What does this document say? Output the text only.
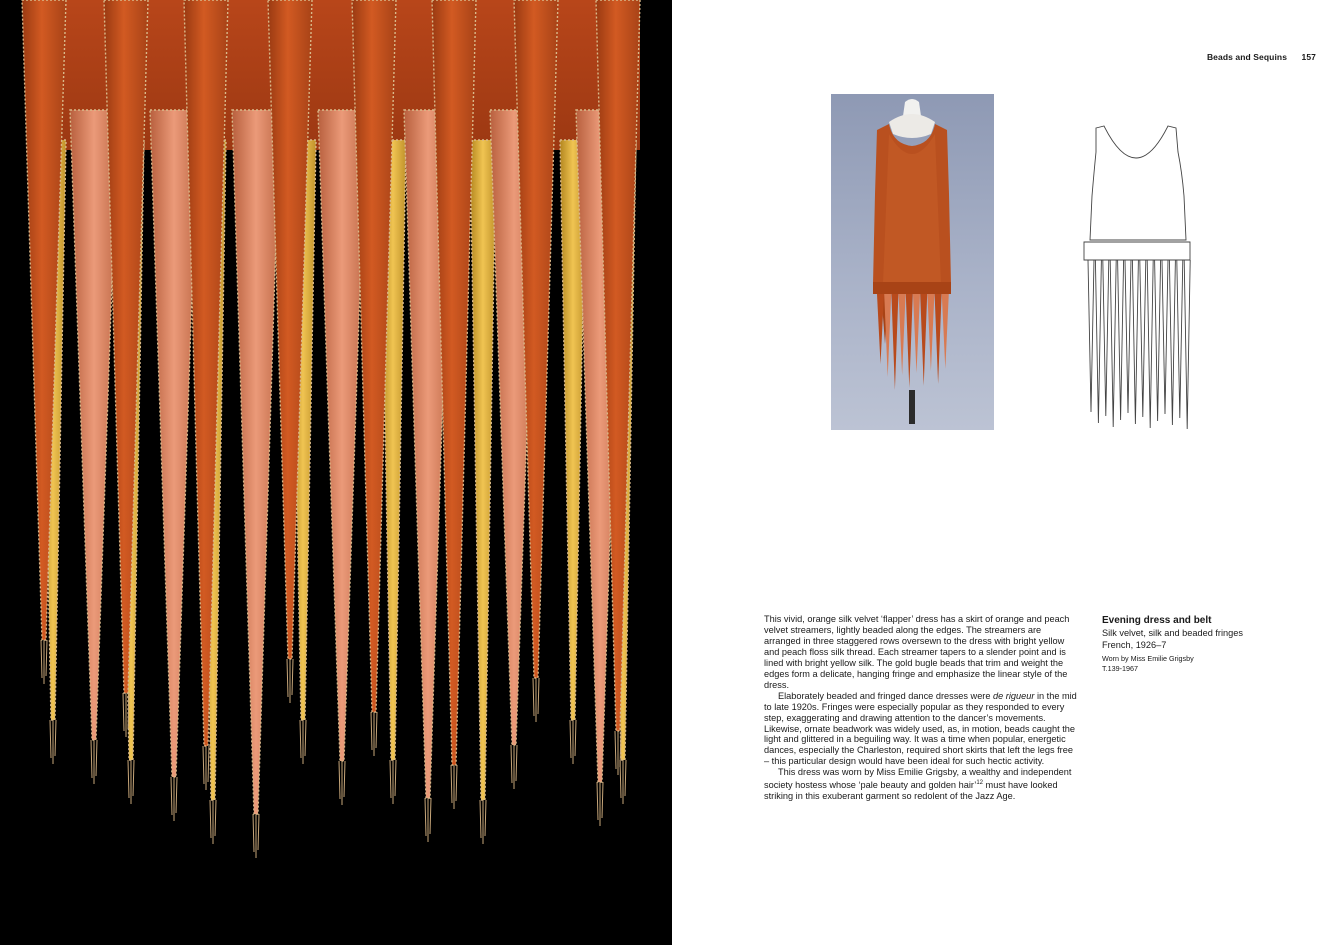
Beads and Sequins 157

This vivid, orange silk velvet ‘flapper’ dress has a skirt of orange and peach velvet streamers, lightly beaded along the edges. The streamers are arranged in three staggered rows oversewn to the dress with bright yellow and peach floss silk thread. Each streamer tapers to a slender point and is lined with bright yellow silk. The gold bugle beads that trim and weight the edges form a delicate, hanging fringe and emphasize the linear style of the dress.

Elaborately beaded and fringed dance dresses were de rigueur in the mid to late 1920s. Fringes were especially popular as they responded to every step, exaggerating and drawing attention to the dancer’s movements. Likewise, ornate beadwork was widely used, as, in motion, beads caught the light and glittered in a beguiling way. It was a time when popular, energetic dances, especially the Charleston, required short skirts that left the legs free – this particular design would have been ideal for such hectic activity.

This dress was worn by Miss Emilie Grigsby, a wealthy and independent society hostess whose ‘pale beauty and golden hair’$^{12}$ must have looked striking in this exuberant garment so redolent of the Jazz Age.

Evening dress and belt
Silk velvet, silk and beaded fringes
French, 1926–7
Worn by Miss Emilie Grigsby
T.139-1967
